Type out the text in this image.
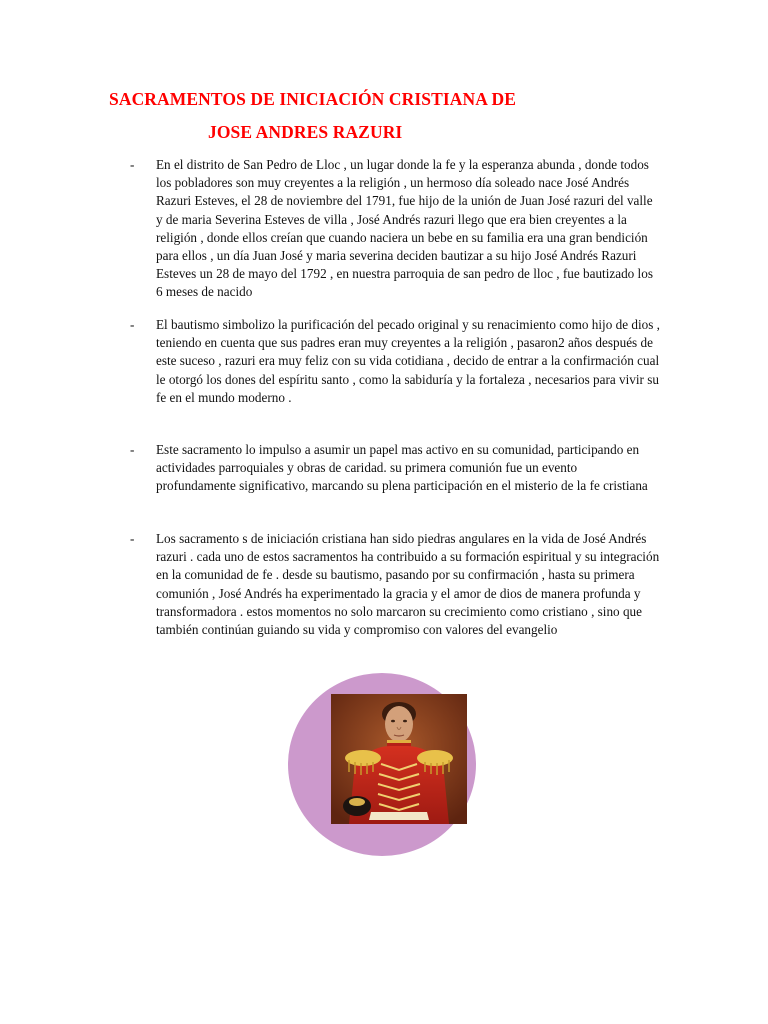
SACRAMENTOS DE INICIACIÓN CRISTIANA DE
JOSE ANDRES RAZURI
- En el distrito de San Pedro de Lloc , un lugar donde la fe y la esperanza abunda , donde todos los pobladores son muy creyentes a la religión , un hermoso día soleado nace José Andrés Razuri Esteves, el 28 de noviembre del 1791, fue hijo de la unión de Juan José razuri del valle y de maria Severina Esteves de villa , José Andrés razuri llego que era bien creyentes a la religión , donde ellos creían que cuando naciera un bebe en su familia era una gran bendición para ellos , un día Juan José y maria severina deciden bautizar a su hijo José Andrés Razuri Esteves un 28 de mayo del 1792 , en nuestra parroquia de san pedro de lloc , fue bautizado los 6 meses de nacido
- El bautismo simbolizo la purificación del pecado original y su renacimiento como hijo de dios , teniendo en cuenta que sus padres eran muy creyentes a la religión , pasaron2 años después de este suceso , razuri era muy feliz con su vida cotidiana , decido de entrar a la confirmación cual le otorgó los dones del espíritu santo , como la sabiduría y la fortaleza , necesarios para vivir su fe en el mundo moderno .
- Este sacramento lo impulso a asumir un papel mas activo en su comunidad, participando en actividades parroquiales y obras de caridad. su primera comunión fue un evento profundamente significativo, marcando su plena participación en el misterio de la fe cristiana
- Los sacramento s de iniciación cristiana han sido piedras angulares en la vida de José Andrés razuri . cada uno de estos sacramentos ha contribuido a su formación espiritual y su integración en la comunidad de fe . desde su bautismo, pasando por su confirmación , hasta su primera comunión , José Andrés ha experimentado la gracia y el amor de dios de manera profunda y transformadora . estos momentos no solo marcaron su crecimiento como cristiano , sino que también continúan guiando su vida y compromiso con valores del evangelio
